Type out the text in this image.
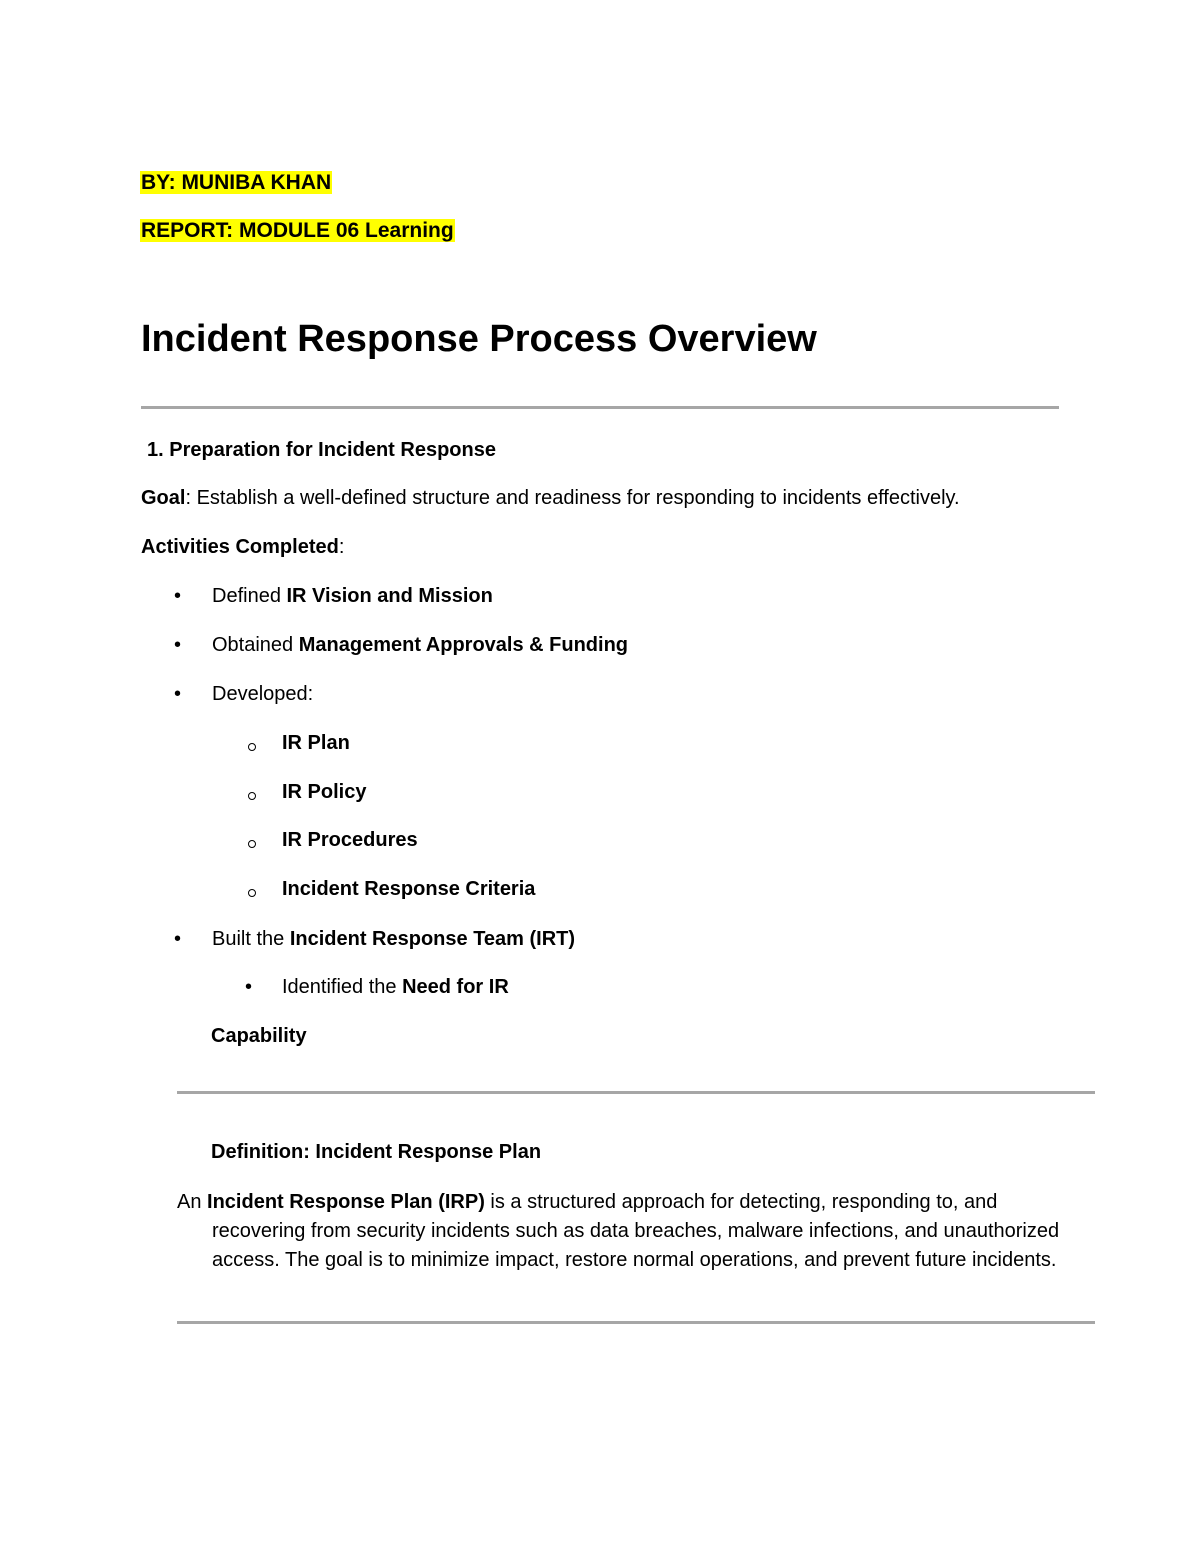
BY: MUNIBA KHAN
REPORT: MODULE 06 Learning
Incident Response Process Overview
1. Preparation for Incident Response
Goal: Establish a well-defined structure and readiness for responding to incidents effectively.
Activities Completed:
• Defined IR Vision and Mission
• Obtained Management Approvals & Funding
• Developed:
IR Plan
IR Policy
IR Procedures
Incident Response Criteria
• Built the Incident Response Team (IRT)
• Identified the Need for IR
Capability
Definition: Incident Response Plan
An Incident Response Plan (IRP) is a structured approach for detecting, responding to, and recovering from security incidents such as data breaches, malware infections, and unauthorized access. The goal is to minimize impact, restore normal operations, and prevent future incidents.
